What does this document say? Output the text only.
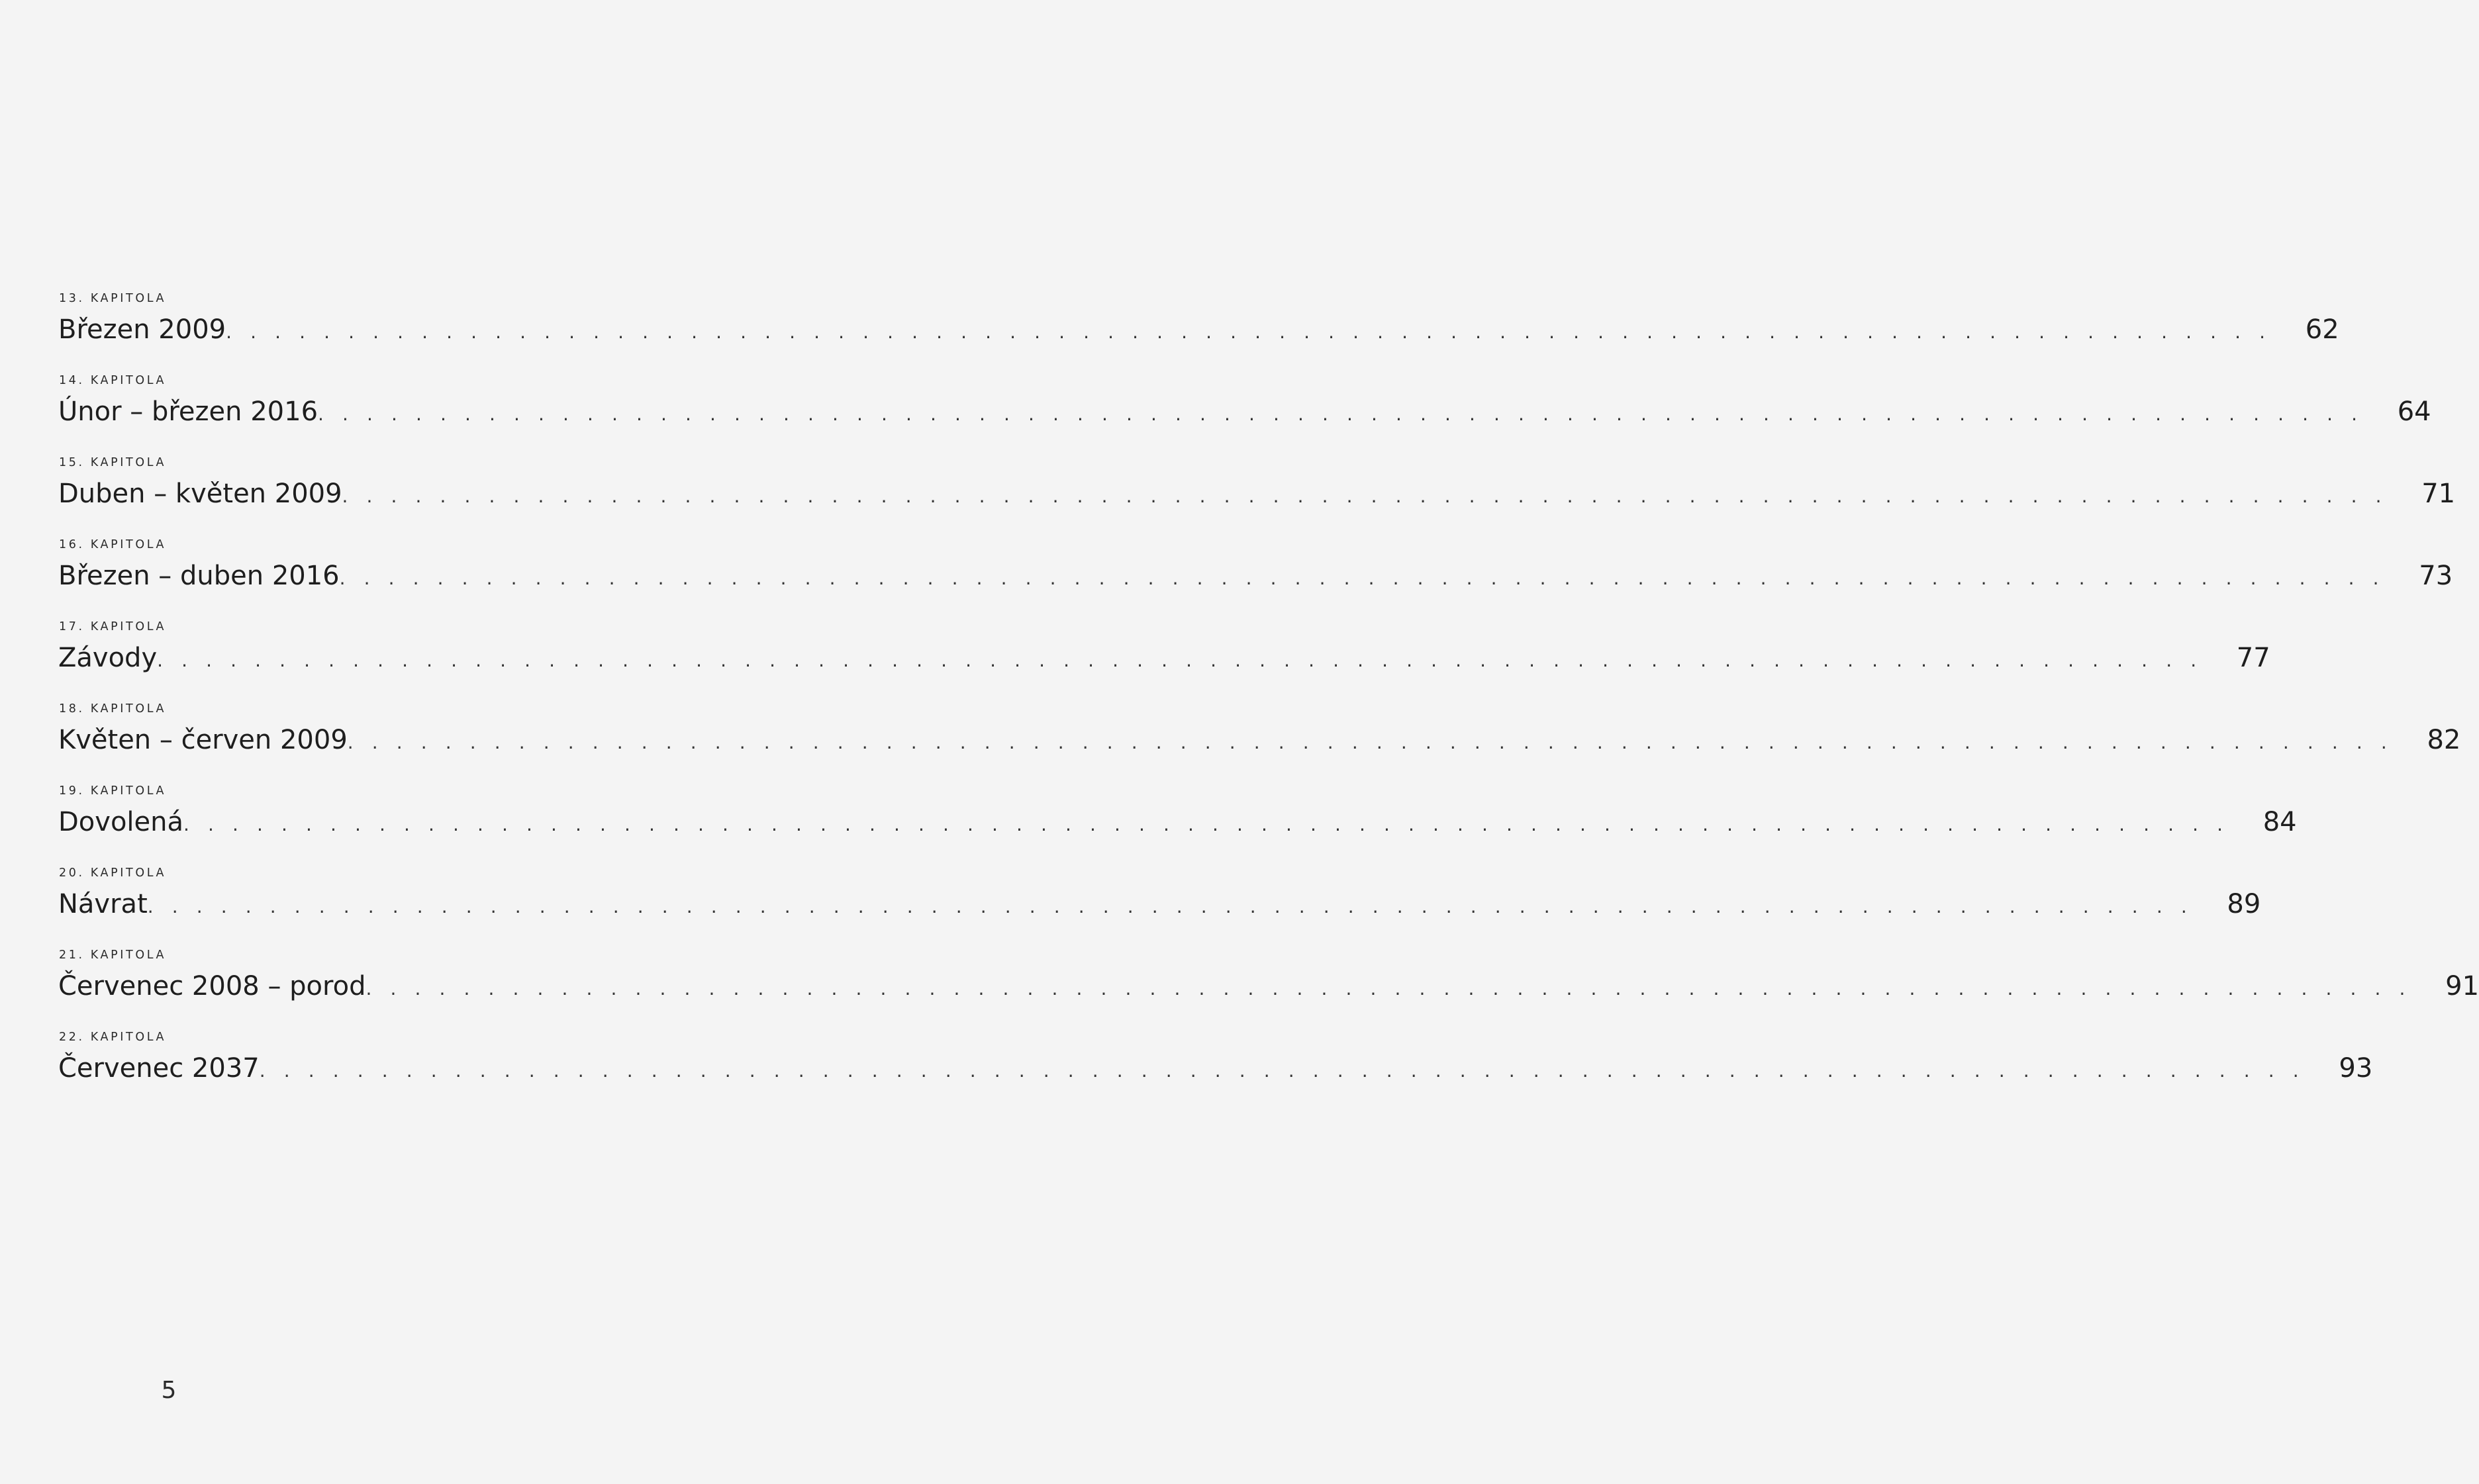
13. KAPITOLA
Březen 2009 . . . . . . . . . . . . . . . . . . . . . . . . . . . . . . . . . . . . . . . . . . . . . . . . . . . . . . . . . . . . . . . . . . . . . . . . . . . . . . . . . . . .	62
14. KAPITOLA
Únor – březen 2016 . . . . . . . . . . . . . . . . . . . . . . . . . . . . . . . . . . . . . . . . . . . . . . . . . . . . . . . . . . . . . . . . . . . . . . . . . . . . . . . . . . . .	64
15. KAPITOLA
Duben – květen 2009 . . . . . . . . . . . . . . . . . . . . . . . . . . . . . . . . . . . . . . . . . . . . . . . . . . . . . . . . . . . . . . . . . . . . . . . . . . . . . . . . . . . .	71
16. KAPITOLA
Březen – duben 2016 . . . . . . . . . . . . . . . . . . . . . . . . . . . . . . . . . . . . . . . . . . . . . . . . . . . . . . . . . . . . . . . . . . . . . . . . . . . . . . . . . . . .	73
17. KAPITOLA
Závody . . . . . . . . . . . . . . . . . . . . . . . . . . . . . . . . . . . . . . . . . . . . . . . . . . . . . . . . . . . . . . . . . . . . . . . . . . . . . . . . . . . .	77
18. KAPITOLA
Květen – červen 2009 . . . . . . . . . . . . . . . . . . . . . . . . . . . . . . . . . . . . . . . . . . . . . . . . . . . . . . . . . . . . . . . . . . . . . . . . . . . . . . . . . . . .	82
19. KAPITOLA
Dovolená . . . . . . . . . . . . . . . . . . . . . . . . . . . . . . . . . . . . . . . . . . . . . . . . . . . . . . . . . . . . . . . . . . . . . . . . . . . . . . . . . . . .	84
20. KAPITOLA
Návrat . . . . . . . . . . . . . . . . . . . . . . . . . . . . . . . . . . . . . . . . . . . . . . . . . . . . . . . . . . . . . . . . . . . . . . . . . . . . . . . . . . . .	89
21. KAPITOLA
Červenec 2008 – porod . . . . . . . . . . . . . . . . . . . . . . . . . . . . . . . . . . . . . . . . . . . . . . . . . . . . . . . . . . . . . . . . . . . . . . . . . . . . . . . . . . . .	91
22. KAPITOLA
Červenec 2037 . . . . . . . . . . . . . . . . . . . . . . . . . . . . . . . . . . . . . . . . . . . . . . . . . . . . . . . . . . . . . . . . . . . . . . . . . . . . . . . . . . . .	93
5
